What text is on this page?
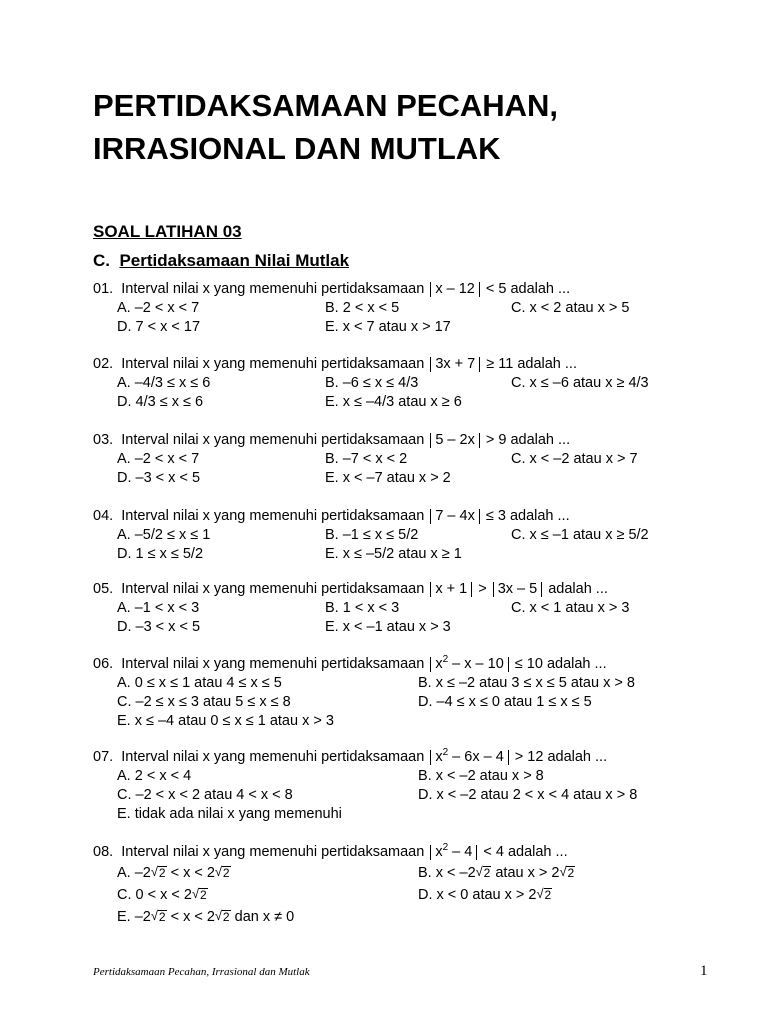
PERTIDAKSAMAAN PECAHAN, IRRASIONAL DAN MUTLAK

SOAL LATIHAN 03

C. Pertidaksamaan Nilai Mutlak

01. Interval nilai x yang memenuhi pertidaksamaan x – 12 < 5 adalah ...
A. –2 < x < 7	B. 2 < x < 5	C. x < 2 atau x > 5
D. 7 < x < 17	E. x < 7 atau x > 17
02. Interval nilai x yang memenuhi pertidaksamaan 3x + 7 ≥ 11 adalah ...
A. –4/3 ≤ x ≤ 6	B. –6 ≤ x ≤ 4/3	C. x ≤ –6 atau x ≥ 4/3
D. 4/3 ≤ x ≤ 6	E. x ≤ –4/3 atau x ≥ 6
03. Interval nilai x yang memenuhi pertidaksamaan 5 – 2x > 9 adalah ...
A. –2 < x < 7	B. –7 < x < 2	C. x < –2 atau x > 7
D. –3 < x < 5	E. x < –7 atau x > 2
04. Interval nilai x yang memenuhi pertidaksamaan 7 – 4x ≤ 3 adalah ...
A. –5/2 ≤ x ≤ 1	B. –1 ≤ x ≤ 5/2	C. x ≤ –1 atau x ≥ 5/2
D. 1 ≤ x ≤ 5/2	E. x ≤ –5/2 atau x ≥ 1
05. Interval nilai x yang memenuhi pertidaksamaan x + 1 > 3x – 5 adalah ...
A. –1 < x < 3	B. 1 < x < 3	C. x < 1 atau x > 3
D. –3 < x < 5	E. x < –1 atau x > 3
06. Interval nilai x yang memenuhi pertidaksamaan $x^2 - x - 10 \le 10$ adalah ...
A. 0 ≤ x ≤ 1 atau 4 ≤ x ≤ 5	B. x ≤ –2 atau 3 ≤ x ≤ 5 atau x > 8
C. –2 ≤ x ≤ 3 atau 5 ≤ x ≤ 8	D. –4 ≤ x ≤ 0 atau 1 ≤ x ≤ 5
E. x ≤ –4 atau 0 ≤ x ≤ 1 atau x > 3
07. Interval nilai x yang memenuhi pertidaksamaan $x^2 - 6x - 4 > 12$ adalah ...
A. 2 < x < 4	B. x < –2 atau x > 8
C. –2 < x < 2 atau 4 < x < 8	D. x < –2 atau 2 < x < 4 atau x > 8
E. tidak ada nilai x yang memenuhi
08. Interval nilai x yang memenuhi pertidaksamaan $x^2 - 4 < 4$ adalah ...
A. –2 √ 2 < x < 2 √ 2	B. x < –2 √ 2 atau x > 2 √ 2
C. 0 < x < 2 √ 2	D. x < 0 atau x > 2 √ 2
E. –2 √ 2 < x < 2 √ 2 dan x ≠ 0
Pertidaksamaan Pecahan, Irrasional dan Mutlak	1
